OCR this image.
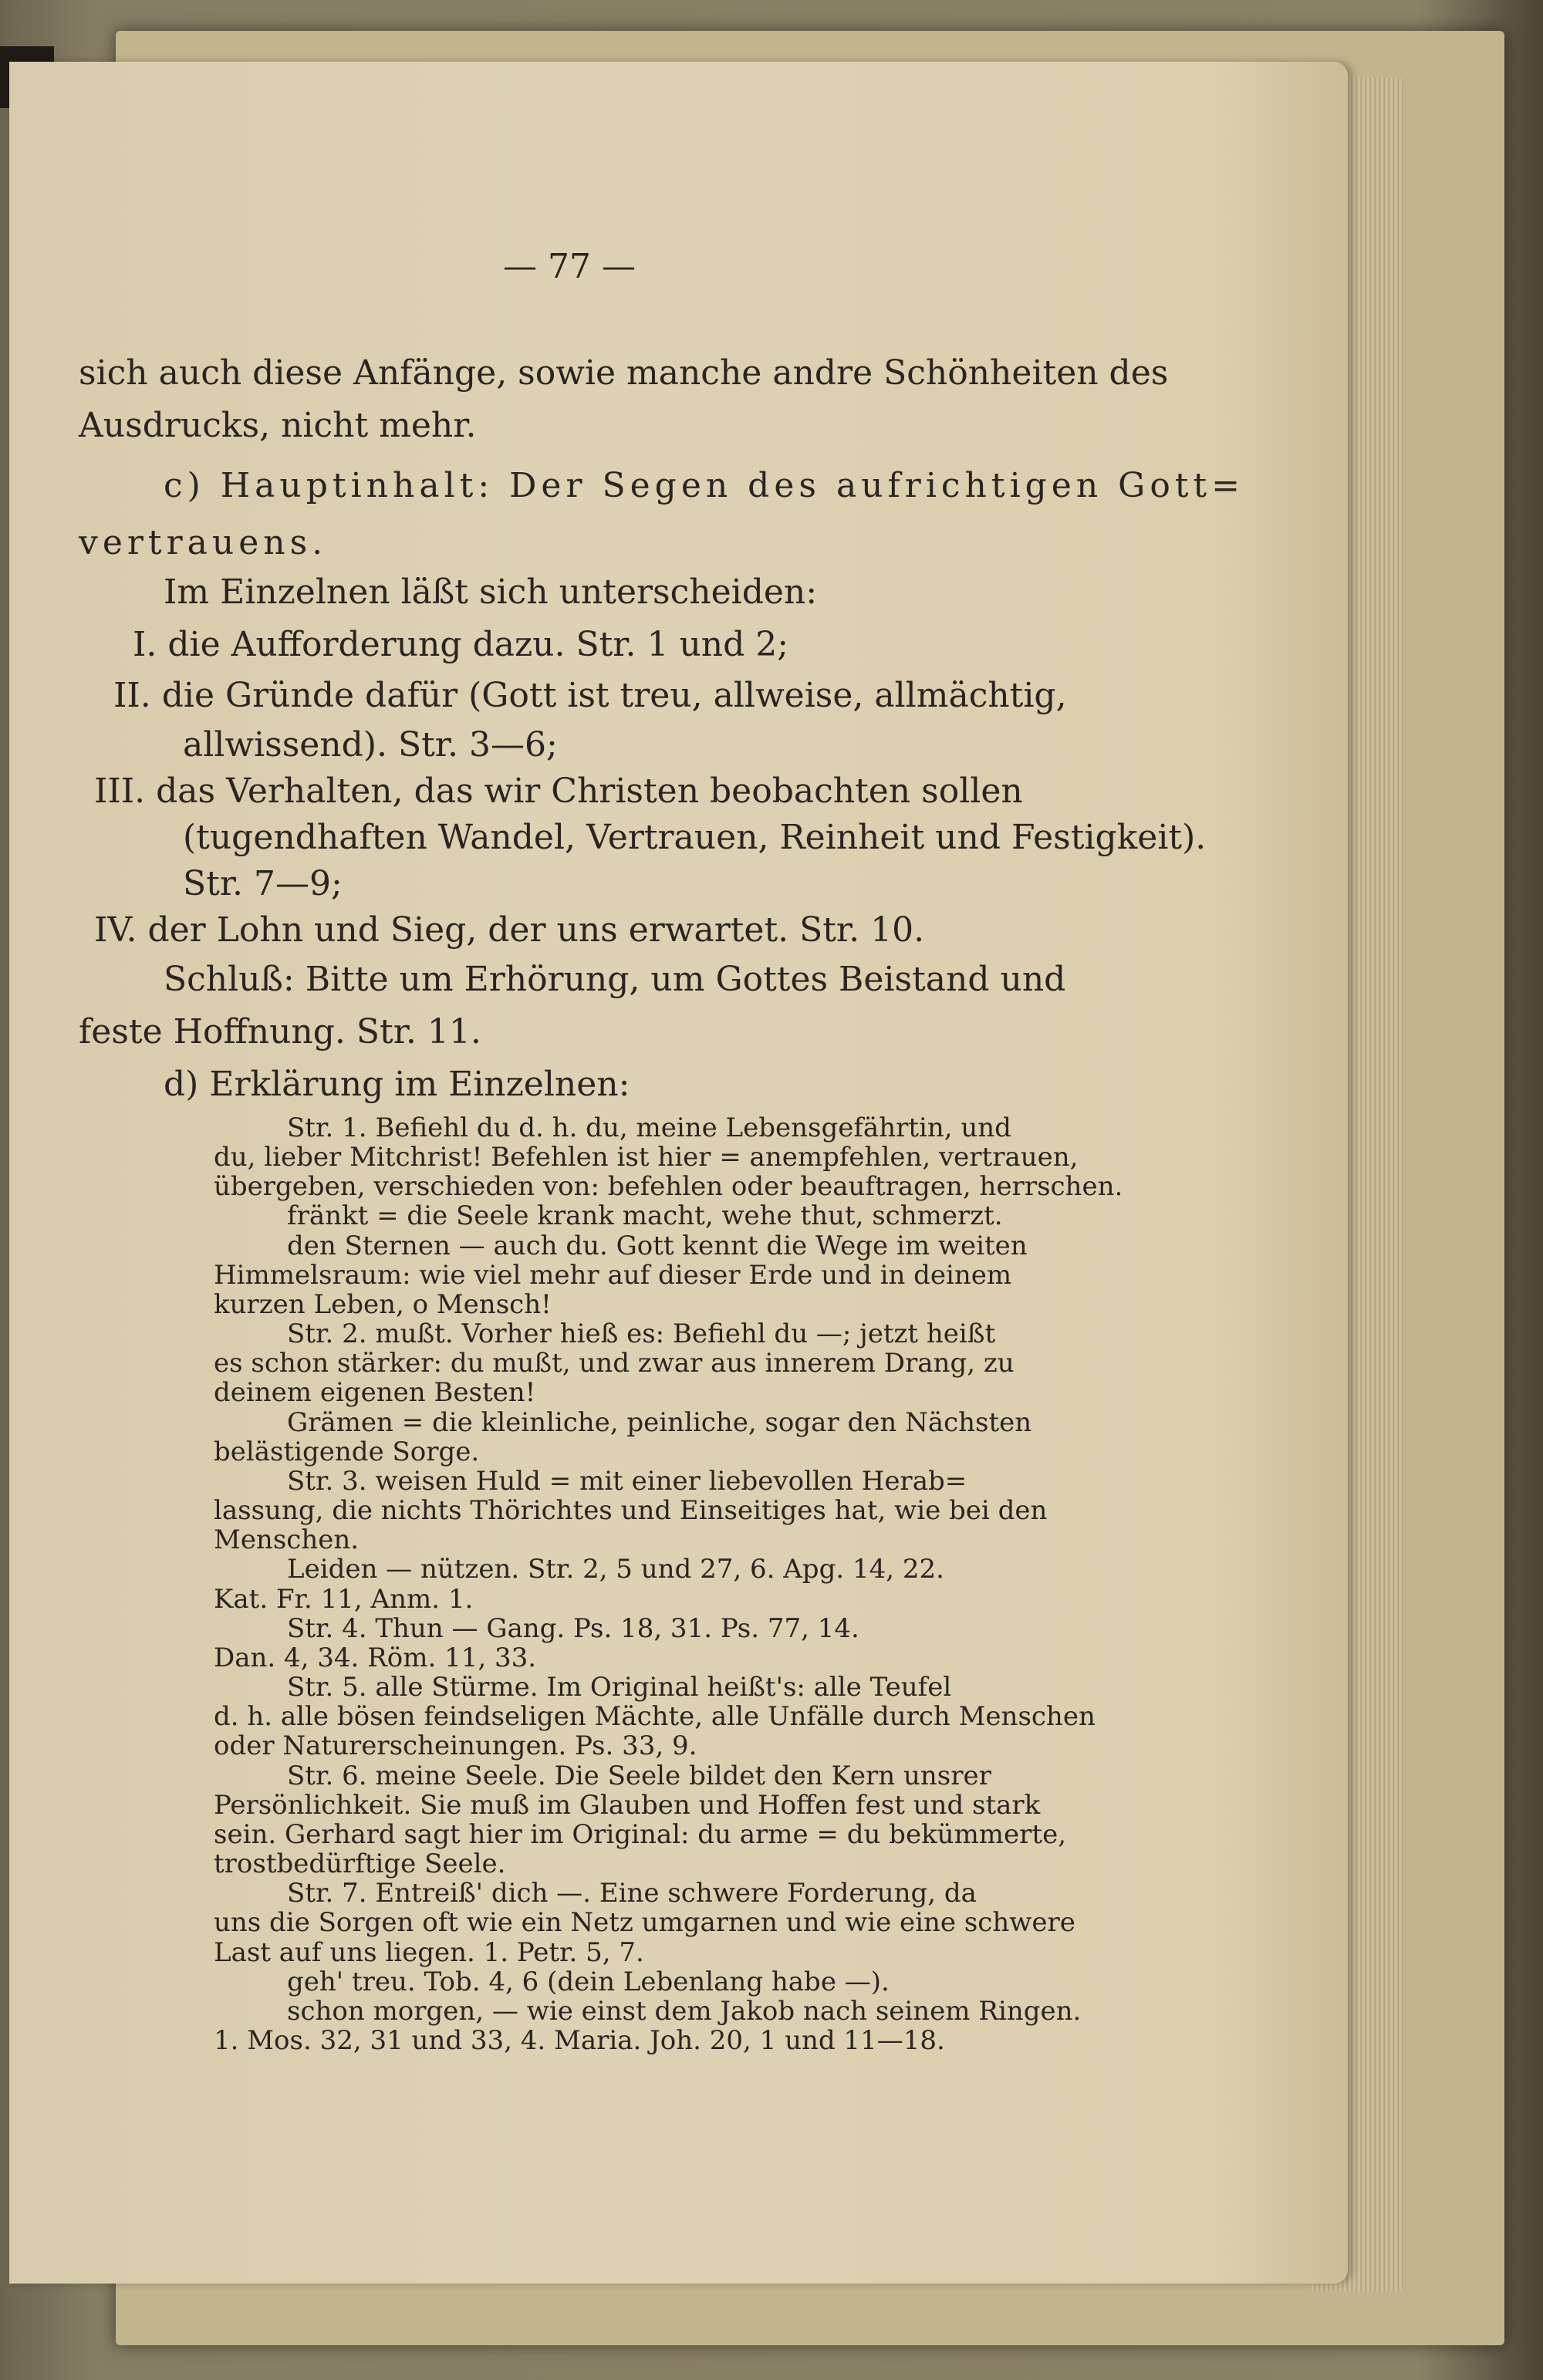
— 77 —
sich auch diese Anfänge, sowie manche andre Schönheiten des
Ausdrucks, nicht mehr.
c) Hauptinhalt: Der Segen des aufrichtigen Gott=
vertrauens.
Im Einzelnen läßt sich unterscheiden:
I. die Aufforderung dazu. Str. 1 und 2;
II. die Gründe dafür (Gott ist treu, allweise, allmächtig,
allwissend). Str. 3—6;
III. das Verhalten, das wir Christen beobachten sollen
(tugendhaften Wandel, Vertrauen, Reinheit und Festigkeit).
Str. 7—9;
IV. der Lohn und Sieg, der uns erwartet. Str. 10.
Schluß: Bitte um Erhörung, um Gottes Beistand und
feste Hoffnung. Str. 11.
d) Erklärung im Einzelnen:
Str. 1. Befiehl du d. h. du, meine Lebensgefährtin, und
du, lieber Mitchrist! Befehlen ist hier = anempfehlen, vertrauen,
übergeben, verschieden von: befehlen oder beauftragen, herrschen.
fränkt = die Seele krank macht, wehe thut, schmerzt.
den Sternen — auch du. Gott kennt die Wege im weiten
Himmelsraum: wie viel mehr auf dieser Erde und in deinem
kurzen Leben, o Mensch!
Str. 2. mußt. Vorher hieß es: Befiehl du —; jetzt heißt
es schon stärker: du mußt, und zwar aus innerem Drang, zu
deinem eigenen Besten!
Grämen = die kleinliche, peinliche, sogar den Nächsten
belästigende Sorge.
Str. 3. weisen Huld = mit einer liebevollen Herab=
lassung, die nichts Thörichtes und Einseitiges hat, wie bei den
Menschen.
Leiden — nützen. Str. 2, 5 und 27, 6. Apg. 14, 22.
Kat. Fr. 11, Anm. 1.
Str. 4. Thun — Gang. Ps. 18, 31. Ps. 77, 14.
Dan. 4, 34. Röm. 11, 33.
Str. 5. alle Stürme. Im Original heißt's: alle Teufel
d. h. alle bösen feindseligen Mächte, alle Unfälle durch Menschen
oder Naturerscheinungen. Ps. 33, 9.
Str. 6. meine Seele. Die Seele bildet den Kern unsrer
Persönlichkeit. Sie muß im Glauben und Hoffen fest und stark
sein. Gerhard sagt hier im Original: du arme = du bekümmerte,
trostbedürftige Seele.
Str. 7. Entreiß' dich —. Eine schwere Forderung, da
uns die Sorgen oft wie ein Netz umgarnen und wie eine schwere
Last auf uns liegen. 1. Petr. 5, 7.
geh' treu. Tob. 4, 6 (dein Lebenlang habe —).
schon morgen, — wie einst dem Jakob nach seinem Ringen.
1. Mos. 32, 31 und 33, 4. Maria. Joh. 20, 1 und 11—18.
